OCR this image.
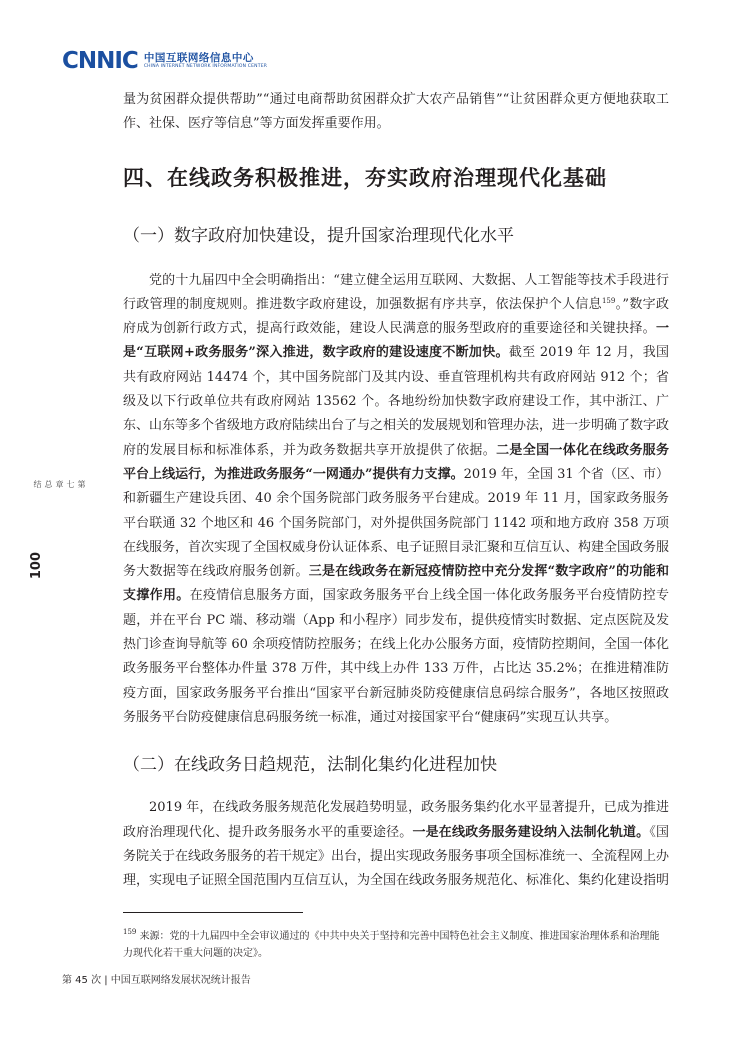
CNNIC 中国互联网络信息中心
CHINA INTERNET NETWORK INFORMATION CENTER
第七章 总结
100

量为贫困群众提供帮助”“通过电商帮助贫困群众扩大农产品销售”“让贫困群众更方便地获取工作、社保、医疗等信息”等方面发挥重要作用。

四、在线政务积极推进，夯实政府治理现代化基础
（一）数字政府加快建设，提升国家治理现代化水平

党的十九届四中全会明确指出：“建立健全运用互联网、大数据、人工智能等技术手段进行行政管理的制度规则。推进数字政府建设，加强数据有序共享，依法保护个人信息$^{159}$。”数字政府成为创新行政方式，提高行政效能，建设人民满意的服务型政府的重要途径和关键抉择。一是“互联网+政务服务”深入推进，数字政府的建设速度不断加快。截至 2019 年 12 月，我国共有政府网站 14474 个，其中国务院部门及其内设、垂直管理机构共有政府网站 912 个；省级及以下行政单位共有政府网站 13562 个。各地纷纷加快数字政府建设工作，其中浙江、广东、山东等多个省级地方政府陆续出台了与之相关的发展规划和管理办法，进一步明确了数字政府的发展目标和标准体系，并为政务数据共享开放提供了依据。二是全国一体化在线政务服务平台上线运行，为推进政务服务“一网通办”提供有力支撑。2019 年，全国 31 个省（区、市）和新疆生产建设兵团、40 余个国务院部门政务服务平台建成。2019 年 11 月，国家政务服务平台联通 32 个地区和 46 个国务院部门，对外提供国务院部门 1142 项和地方政府 358 万项在线服务，首次实现了全国权威身份认证体系、电子证照目录汇聚和互信互认、构建全国政务服务大数据等在线政府服务创新。三是在线政务在新冠疫情防控中充分发挥“数字政府”的功能和支撑作用。在疫情信息服务方面，国家政务服务平台上线全国一体化政务服务平台疫情防控专题，并在平台 PC 端、移动端（App 和小程序）同步发布，提供疫情实时数据、定点医院及发热门诊查询导航等 60 余项疫情防控服务；在线上化办公服务方面，疫情防控期间，全国一体化政务服务平台整体办件量 378 万件，其中线上办件 133 万件，占比达 35.2%；在推进精准防疫方面，国家政务服务平台推出“国家平台新冠肺炎防疫健康信息码综合服务”，各地区按照政务服务平台防疫健康信息码服务统一标准，通过对接国家平台“健康码”实现互认共享。

（二）在线政务日趋规范，法制化集约化进程加快

2019 年，在线政务服务规范化发展趋势明显，政务服务集约化水平显著提升，已成为推进政府治理现代化、提升政务服务水平的重要途径。一是在线政务服务建设纳入法制化轨道。《国务院关于在线政务服务的若干规定》出台，提出实现政务服务事项全国标准统一、全流程网上办理，实现电子证照全国范围内互信互认，为全国在线政务服务规范化、标准化、集约化建设指明

$^{159}$ 来源：党的十九届四中全会审议通过的《中共中央关于坚持和完善中国特色社会主义制度、推进国家治理体系和治理能力现代化若干重大问题的决定》。
第 45 次 | 中国互联网络发展状况统计报告
